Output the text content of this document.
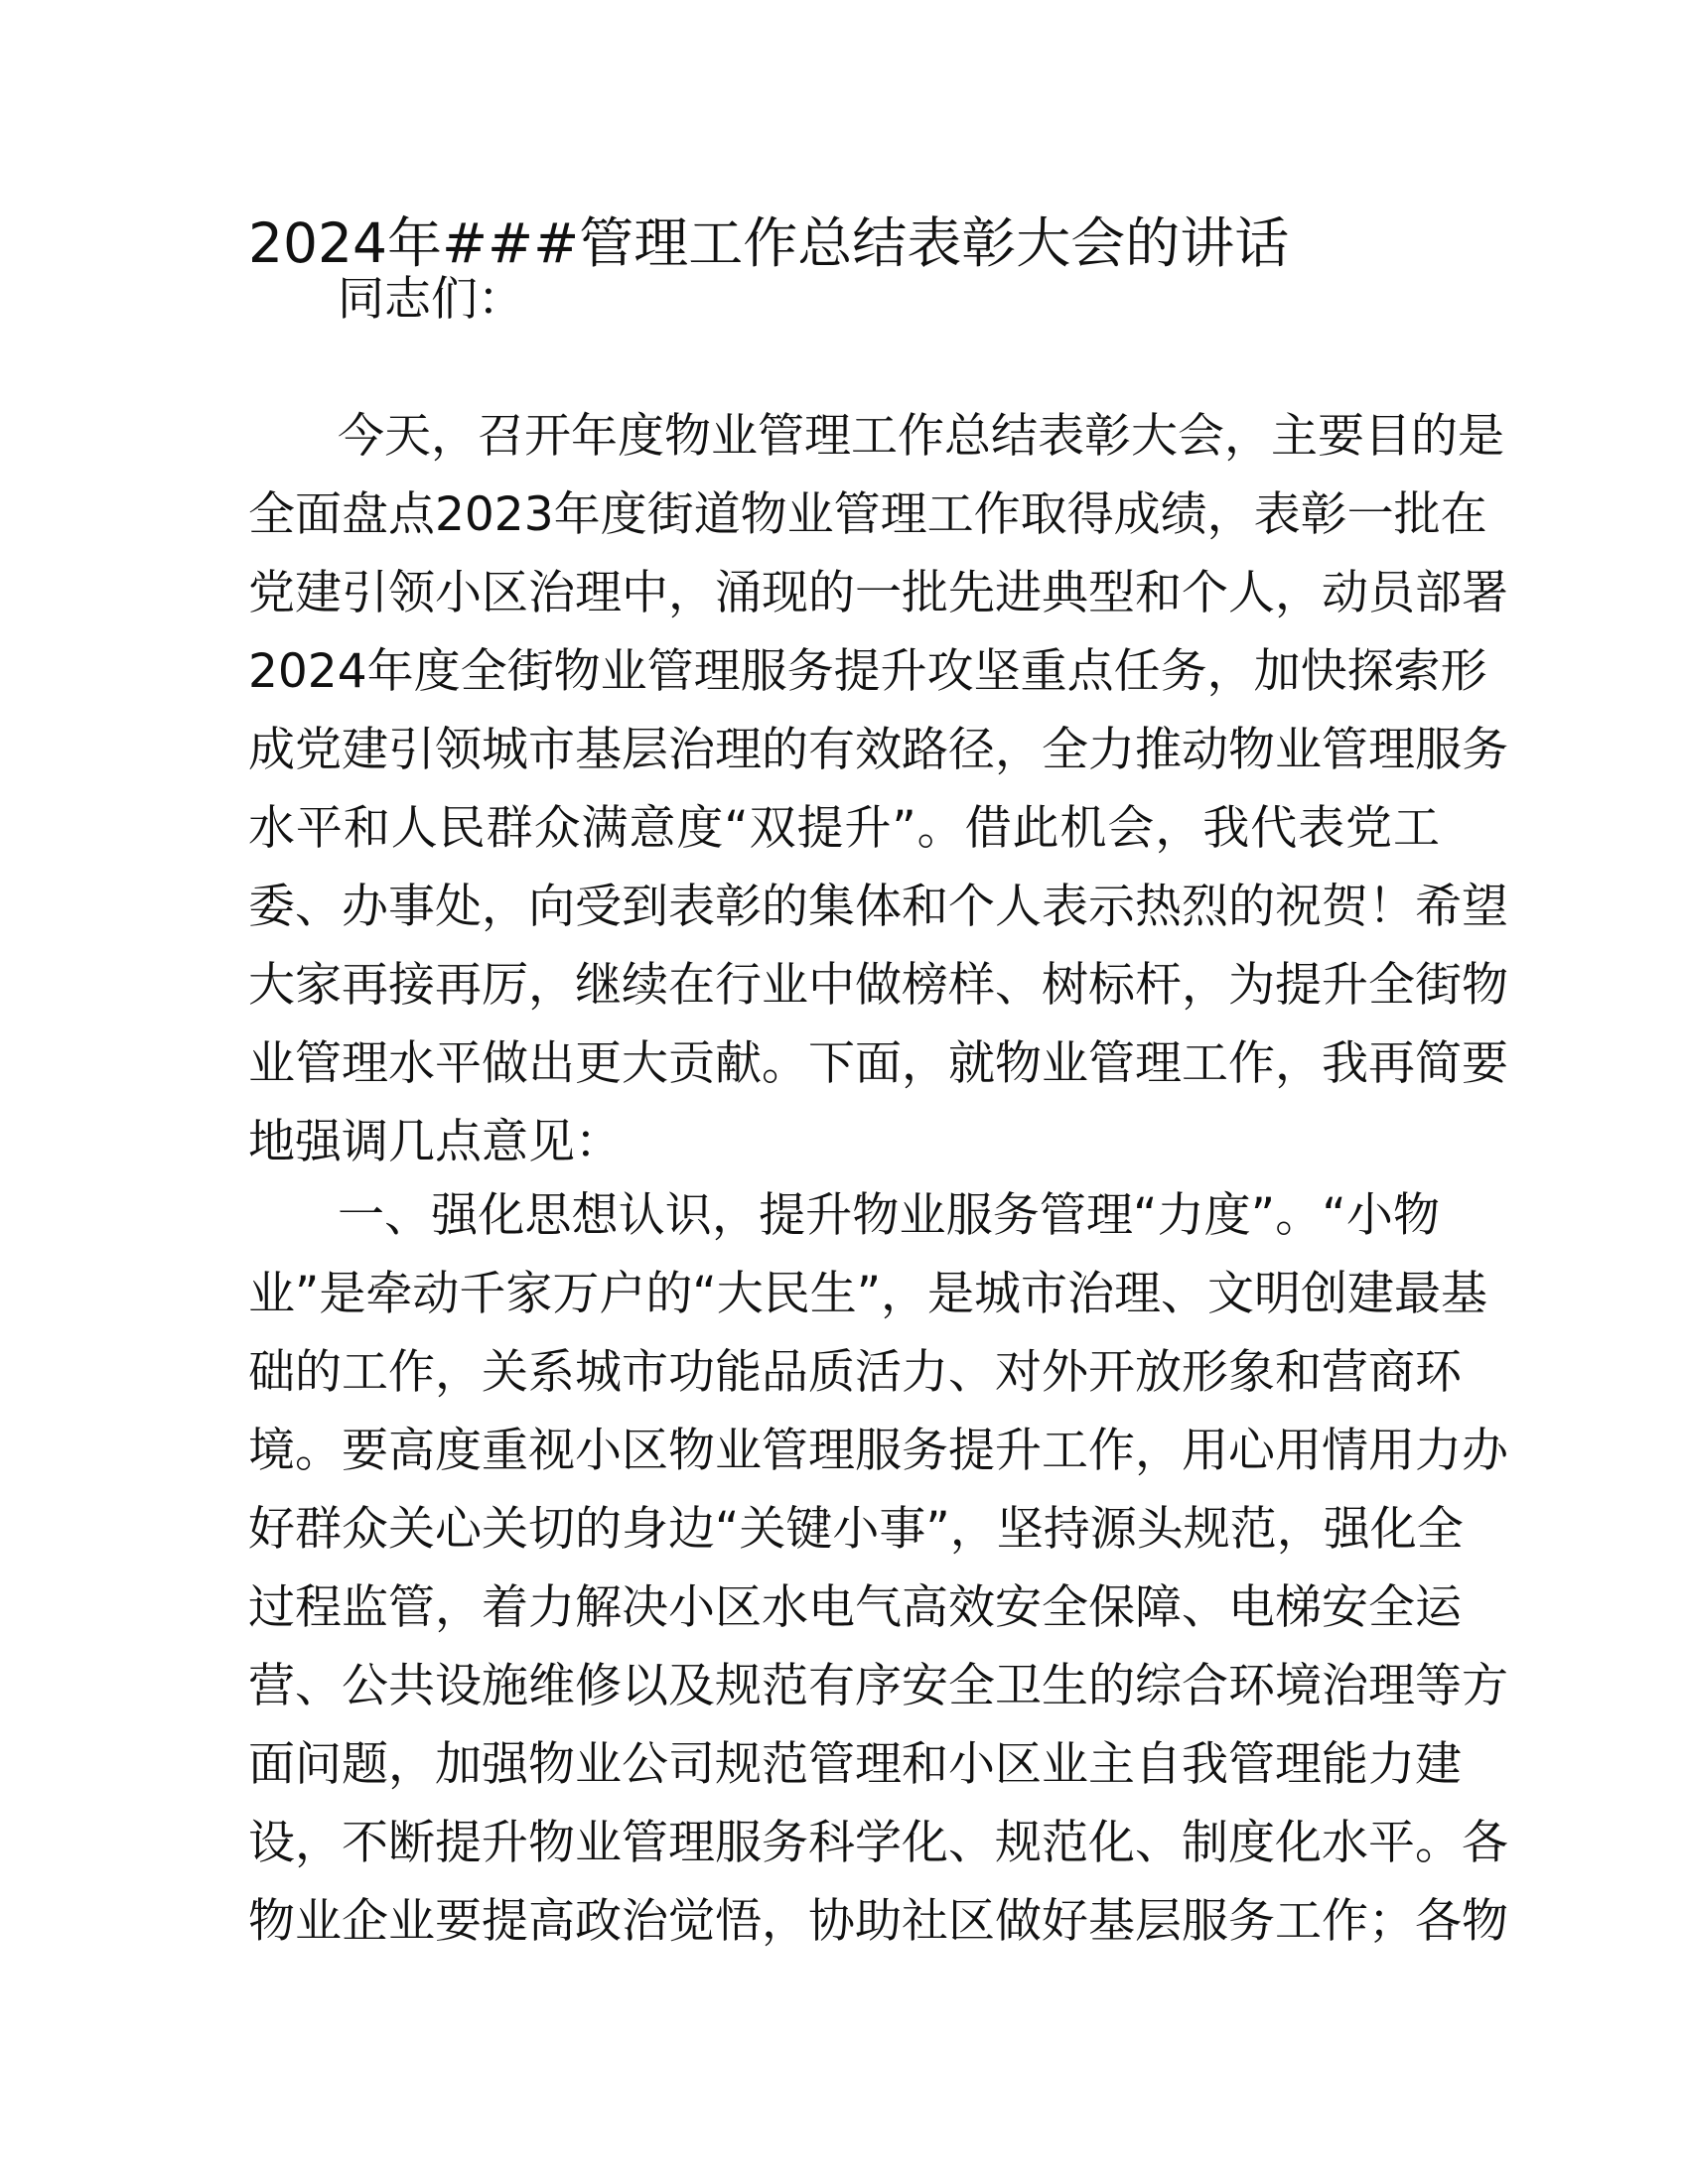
2024年###管理工作总结表彰大会的讲话

同志们：

今天，召开年度物业管理工作总结表彰大会，主要目的是
全面盘点2023年度街道物业管理工作取得成绩，表彰一批在
党建引领小区治理中，涌现的一批先进典型和个人，动员部署
2024年度全街物业管理服务提升攻坚重点任务，加快探索形
成党建引领城市基层治理的有效路径，全力推动物业管理服务
水平和人民群众满意度“双提升”。借此机会，我代表党工
委、办事处，向受到表彰的集体和个人表示热烈的祝贺！希望
大家再接再厉，继续在行业中做榜样、树标杆，为提升全街物
业管理水平做出更大贡献。下面，就物业管理工作，我再简要
地强调几点意见：
一、强化思想认识，提升物业服务管理“力度”。“小物
业”是牵动千家万户的“大民生”，是城市治理、文明创建最基
础的工作，关系城市功能品质活力、对外开放形象和营商环
境。要高度重视小区物业管理服务提升工作，用心用情用力办
好群众关心关切的身边“关键小事”，坚持源头规范，强化全
过程监管，着力解决小区水电气高效安全保障、电梯安全运
营、公共设施维修以及规范有序安全卫生的综合环境治理等方
面问题，加强物业公司规范管理和小区业主自我管理能力建
设，不断提升物业管理服务科学化、规范化、制度化水平。各
物业企业要提高政治觉悟，协助社区做好基层服务工作；各物
